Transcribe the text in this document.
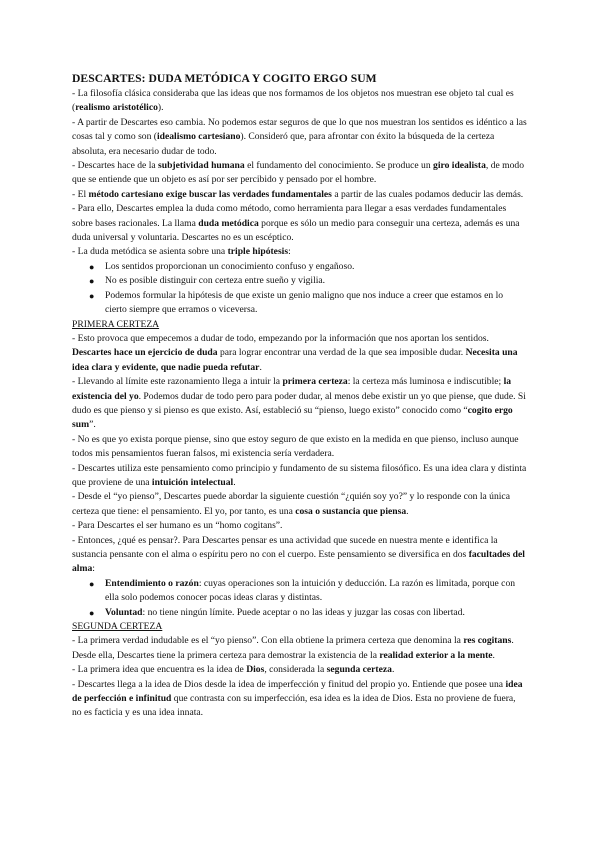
DESCARTES: DUDA METÓDICA Y COGITO ERGO SUM

- La filosofía clásica consideraba que las ideas que nos formamos de los objetos nos muestran ese objeto tal cual es (realismo aristotélico).

- A partir de Descartes eso cambia. No podemos estar seguros de que lo que nos muestran los sentidos es idéntico a las cosas tal y como son (idealismo cartesiano). Consideró que, para afrontar con éxito la búsqueda de la certeza absoluta, era necesario dudar de todo.

- Descartes hace de la subjetividad humana el fundamento del conocimiento. Se produce un giro idealista, de modo que se entiende que un objeto es así por ser percibido y pensado por el hombre.

- El método cartesiano exige buscar las verdades fundamentales a partir de las cuales podamos deducir las demás.

- Para ello, Descartes emplea la duda como método, como herramienta para llegar a esas verdades fundamentales sobre bases racionales. La llama duda metódica porque es sólo un medio para conseguir una certeza, además es una duda universal y voluntaria. Descartes no es un escéptico.

- La duda metódica se asienta sobre una triple hipótesis:

● Los sentidos proporcionan un conocimiento confuso y engañoso.
● No es posible distinguir con certeza entre sueño y vigilia.
● Podemos formular la hipótesis de que existe un genio maligno que nos induce a creer que estamos en lo cierto siempre que erramos o viceversa.
PRIMERA CERTEZA

- Esto provoca que empecemos a dudar de todo, empezando por la información que nos aportan los sentidos. Descartes hace un ejercicio de duda para lograr encontrar una verdad de la que sea imposible dudar. Necesita una idea clara y evidente, que nadie pueda refutar.

- Llevando al límite este razonamiento llega a intuir la primera certeza: la certeza más luminosa e indiscutible; la existencia del yo. Podemos dudar de todo pero para poder dudar, al menos debe existir un yo que piense, que dude. Si dudo es que pienso y si pienso es que existo. Así, estableció su “pienso, luego existo” conocido como “cogito ergo sum”.

- No es que yo exista porque piense, sino que estoy seguro de que existo en la medida en que pienso, incluso aunque todos mis pensamientos fueran falsos, mi existencia sería verdadera.

- Descartes utiliza este pensamiento como principio y fundamento de su sistema filosófico. Es una idea clara y distinta que proviene de una intuición intelectual.

- Desde el “yo pienso”, Descartes puede abordar la siguiente cuestión “¿quién soy yo?” y lo responde con la única certeza que tiene: el pensamiento. El yo, por tanto, es una cosa o sustancia que piensa.

- Para Descartes el ser humano es un “homo cogitans”.

- Entonces, ¿qué es pensar?. Para Descartes pensar es una actividad que sucede en nuestra mente e identifica la sustancia pensante con el alma o espíritu pero no con el cuerpo. Este pensamiento se diversifica en dos facultades del alma:

● Entendimiento o razón: cuyas operaciones son la intuición y deducción. La razón es limitada, porque con ella solo podemos conocer pocas ideas claras y distintas.
● Voluntad: no tiene ningún límite. Puede aceptar o no las ideas y juzgar las cosas con libertad.
SEGUNDA CERTEZA

- La primera verdad indudable es el “yo pienso”. Con ella obtiene la primera certeza que denomina la res cogitans. Desde ella, Descartes tiene la primera certeza para demostrar la existencia de la realidad exterior a la mente.

- La primera idea que encuentra es la idea de Dios, considerada la segunda certeza.

- Descartes llega a la idea de Dios desde la idea de imperfección y finitud del propio yo. Entiende que posee una idea de perfección e infinitud que contrasta con su imperfección, esa idea es la idea de Dios. Esta no proviene de fuera, no es facticia y es una idea innata.
